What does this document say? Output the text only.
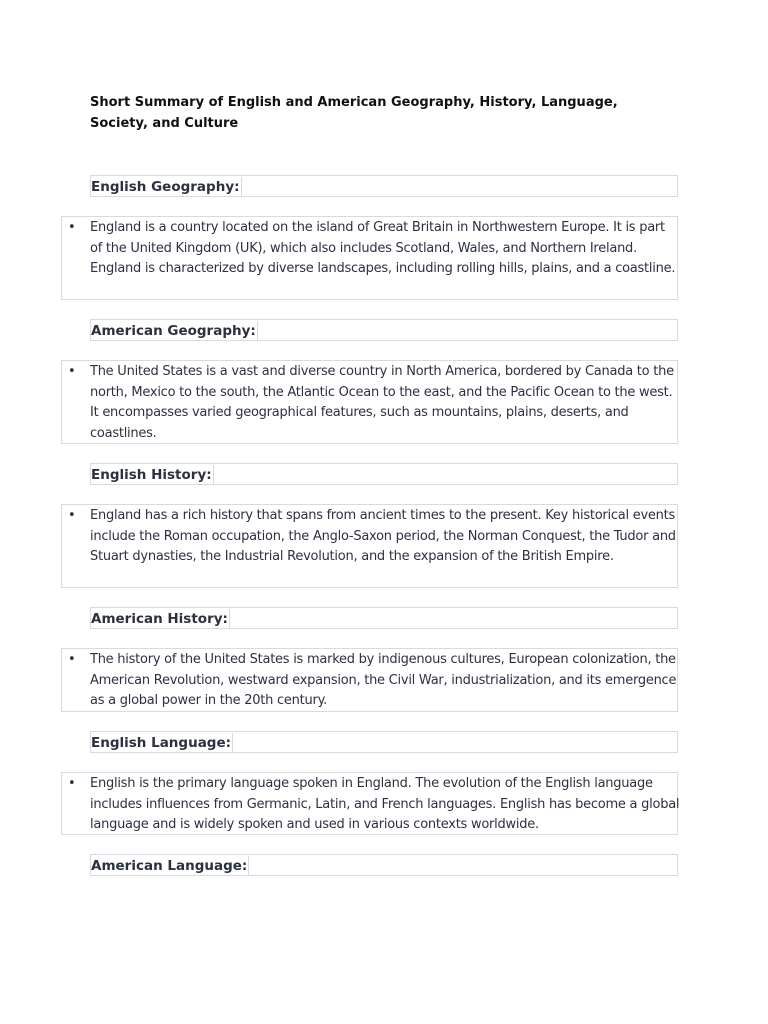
Short Summary of English and American Geography, History, Language, Society, and Culture
English Geography:
• England is a country located on the island of Great Britain in Northwestern Europe. It is part of the United Kingdom (UK), which also includes Scotland, Wales, and Northern Ireland. England is characterized by diverse landscapes, including rolling hills, plains, and a coastline.

American Geography:
• The United States is a vast and diverse country in North America, bordered by Canada to the north, Mexico to the south, the Atlantic Ocean to the east, and the Pacific Ocean to the west. It encompasses varied geographical features, such as mountains, plains, deserts, and coastlines.

English History:
• England has a rich history that spans from ancient times to the present. Key historical events include the Roman occupation, the Anglo-Saxon period, the Norman Conquest, the Tudor and Stuart dynasties, the Industrial Revolution, and the expansion of the British Empire.

American History:
• The history of the United States is marked by indigenous cultures, European colonization, the American Revolution, westward expansion, the Civil War, industrialization, and its emergence as a global power in the 20th century.

English Language:
• English is the primary language spoken in England. The evolution of the English language includes influences from Germanic, Latin, and French languages. English has become a global language and is widely spoken and used in various contexts worldwide.

American Language:
